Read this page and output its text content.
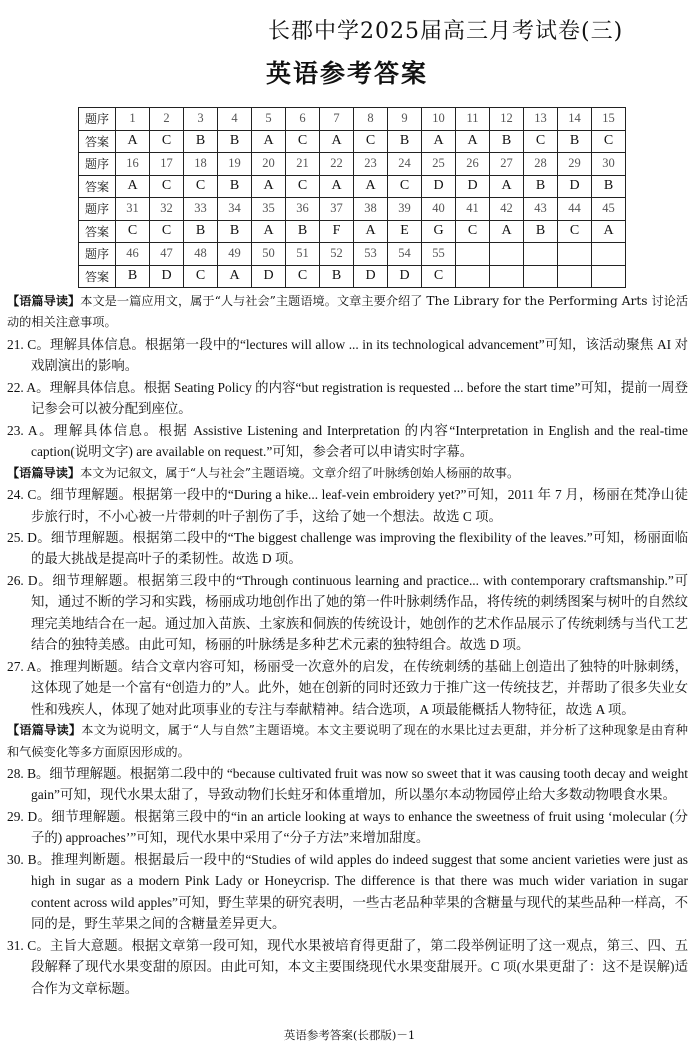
长郡中学2025届高三月考试卷(三)
英语参考答案
题序	1	2	3	4	5	6	7	8	9	10	11	12	13	14	15
答案	A	C	B	B	A	C	A	C	B	A	A	B	C	B	C
题序	16	17	18	19	20	21	22	23	24	25	26	27	28	29	30
答案	A	C	C	B	A	C	A	A	C	D	D	A	B	D	B
题序	31	32	33	34	35	36	37	38	39	40	41	42	43	44	45
答案	C	C	B	B	A	B	F	A	E	G	C	A	B	C	A
题序	46	47	48	49	50	51	52	53	54	55					
答案	B	D	C	A	D	C	B	D	D	C					

【语篇导读】本文是一篇应用文，属于“人与社会”主题语境。文章主要介绍了 The Library for the Performing Arts 讨论活动的相关注意事项。

21. C。理解具体信息。根据第一段中的“lectures will allow ... in its technological advancement”可知，该活动聚焦 AI 对戏剧演出的影响。

22. A。理解具体信息。根据 Seating Policy 的内容“but registration is requested ... before the start time”可知，提前一周登记参会可以被分配到座位。

23. A。理解具体信息。根据 Assistive Listening and Interpretation 的内容“Interpretation in English and the real-time caption(说明文字) are available on request.”可知，参会者可以申请实时字幕。

【语篇导读】本文为记叙文，属于“人与社会”主题语境。文章介绍了叶脉绣创始人杨丽的故事。

24. C。细节理解题。根据第一段中的“During a hike... leaf-vein embroidery yet?”可知，2011 年 7 月，杨丽在梵净山徒步旅行时，不小心被一片带刺的叶子割伤了手，这给了她一个想法。故选 C 项。

25. D。细节理解题。根据第二段中的“The biggest challenge was improving the flexibility of the leaves.”可知，杨丽面临的最大挑战是提高叶子的柔韧性。故选 D 项。

26. D。细节理解题。根据第三段中的“Through continuous learning and practice... with contemporary craftsmanship.”可知，通过不断的学习和实践，杨丽成功地创作出了她的第一件叶脉刺绣作品，将传统的刺绣图案与树叶的自然纹理完美地结合在一起。通过加入苗族、土家族和侗族的传统设计，她创作的艺术作品展示了传统刺绣与当代工艺结合的独特美感。由此可知，杨丽的叶脉绣是多种艺术元素的独特组合。故选 D 项。

27. A。推理判断题。结合文章内容可知，杨丽受一次意外的启发，在传统刺绣的基础上创造出了独特的叶脉刺绣，这体现了她是一个富有“创造力的”人。此外，她在创新的同时还致力于推广这一传统技艺，并帮助了很多失业女性和残疾人，体现了她对此项事业的专注与奉献精神。结合选项，A 项最能概括人物特征，故选 A 项。

【语篇导读】本文为说明文，属于“人与自然”主题语境。本文主要说明了现在的水果比过去更甜，并分析了这种现象是由育种和气候变化等多方面原因形成的。

28. B。细节理解题。根据第二段中的 “because cultivated fruit was now so sweet that it was causing tooth decay and weight gain”可知，现代水果太甜了，导致动物们长蛀牙和体重增加，所以墨尔本动物园停止给大多数动物喂食水果。

29. D。细节理解题。根据第三段中的“in an article looking at ways to enhance the sweetness of fruit using ‘molecular (分子的) approaches’”可知，现代水果中采用了“分子方法”来增加甜度。

30. B。推理判断题。根据最后一段中的“Studies of wild apples do indeed suggest that some ancient varieties were just as high in sugar as a modern Pink Lady or Honeycrisp. The difference is that there was much wider variation in sugar content across wild apples”可知，野生苹果的研究表明，一些古老品种苹果的含糖量与现代的某些品种一样高，不同的是，野生苹果之间的含糖量差异更大。

31. C。主旨大意题。根据文章第一段可知，现代水果被培育得更甜了，第二段举例证明了这一观点，第三、四、五段解释了现代水果变甜的原因。由此可知，本文主要围绕现代水果变甜展开。C 项(水果更甜了：这不是误解)适合作为文章标题。

英语参考答案(长郡版)－1
